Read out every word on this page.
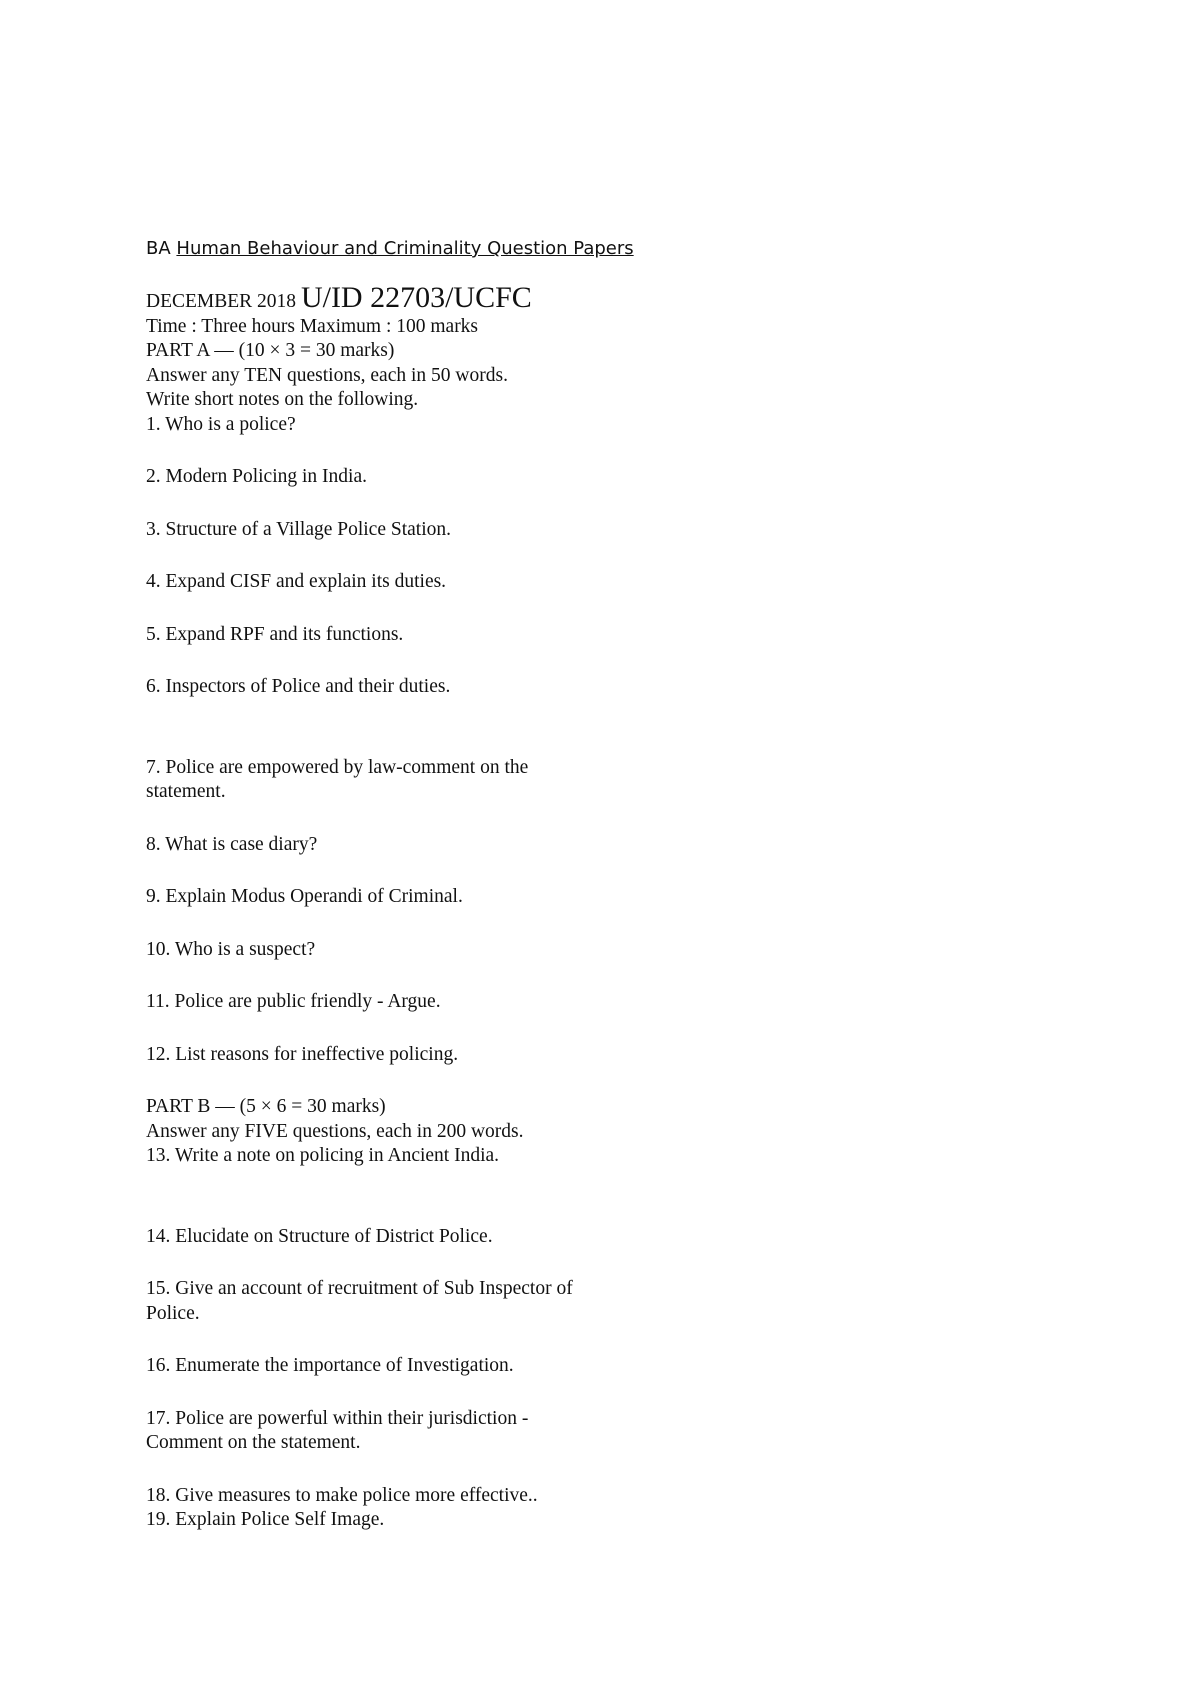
BA Human Behaviour and Criminality Question Papers
DECEMBER 2018 U/ID 22703/UCFC
Time : Three hours Maximum : 100 marks
PART A — (10 × 3 = 30 marks)
Answer any TEN questions, each in 50 words.
Write short notes on the following.
1. Who is a police?
2. Modern Policing in India.
3. Structure of a Village Police Station.
4. Expand CISF and explain its duties.
5. Expand RPF and its functions.
6. Inspectors of Police and their duties.
7. Police are empowered by law-comment on the
statement.
8. What is case diary?
9. Explain Modus Operandi of Criminal.
10. Who is a suspect?
11. Police are public friendly - Argue.
12. List reasons for ineffective policing.
PART B — (5 × 6 = 30 marks)
Answer any FIVE questions, each in 200 words.
13. Write a note on policing in Ancient India.
14. Elucidate on Structure of District Police.
15. Give an account of recruitment of Sub Inspector of
Police.
16. Enumerate the importance of Investigation.
17. Police are powerful within their jurisdiction -
Comment on the statement.
18. Give measures to make police more effective..
19. Explain Police Self Image.
